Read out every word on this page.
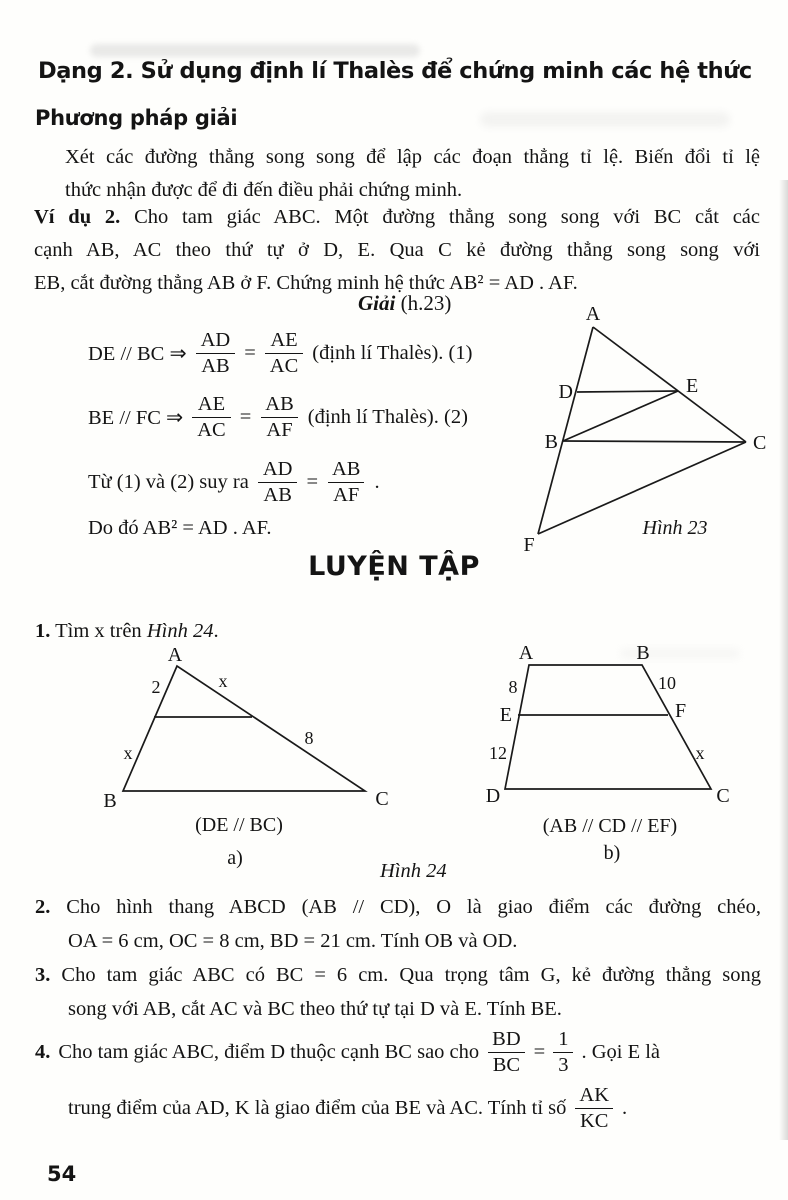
Dạng 2. Sử dụng định lí Thalès để chứng minh các hệ thức
Phương pháp giải
Xét các đường thẳng song song để lập các đoạn thẳng tỉ lệ. Biến đổi tỉ lệ
thức nhận được để đi đến điều phải chứng minh.
Ví dụ 2. Cho tam giác ABC. Một đường thẳng song song với BC cắt các
cạnh AB, AC theo thứ tự ở D, E. Qua C kẻ đường thẳng song song với
EB, cắt đường thẳng AB ở F. Chứng minh hệ thức AB² = AD . AF.
Giải (h.23)
DE // BC ⇒ $\frac{AD}{AB} = \frac{AE}{AC}$ (định lí Thalès). (1)
BE // FC ⇒ $\frac{AE}{AC} = \frac{AB}{AF}$ (định lí Thalès). (2)
Từ (1) và (2) suy ra $\frac{AD}{AB} = \frac{AB}{AF}$ .
Do đó AB² = AD . AF.
A
D	E
B	C
F
Hình 23
LUYỆN TẬP
1. Tìm x trên Hình 24.
A
B	C
2	x
x
8
(DE // BC)
a)
A	B
E	F
D	C
8	10
12	x
(AB // CD // EF)
b)
Hình 24
2. Cho hình thang ABCD (AB // CD), O là giao điểm các đường chéo,
OA = 6 cm, OC = 8 cm, BD = 21 cm. Tính OB và OD.
3. Cho tam giác ABC có BC = 6 cm. Qua trọng tâm G, kẻ đường thẳng song
song với AB, cắt AC và BC theo thứ tự tại D và E. Tính BE.
4. Cho tam giác ABC, điểm D thuộc cạnh BC sao cho $\frac{BD}{BC} = \frac{1}{3}$ . Gọi E là
trung điểm của AD, K là giao điểm của BE và AC. Tính tỉ số $\frac{AK}{KC}$ .
54
